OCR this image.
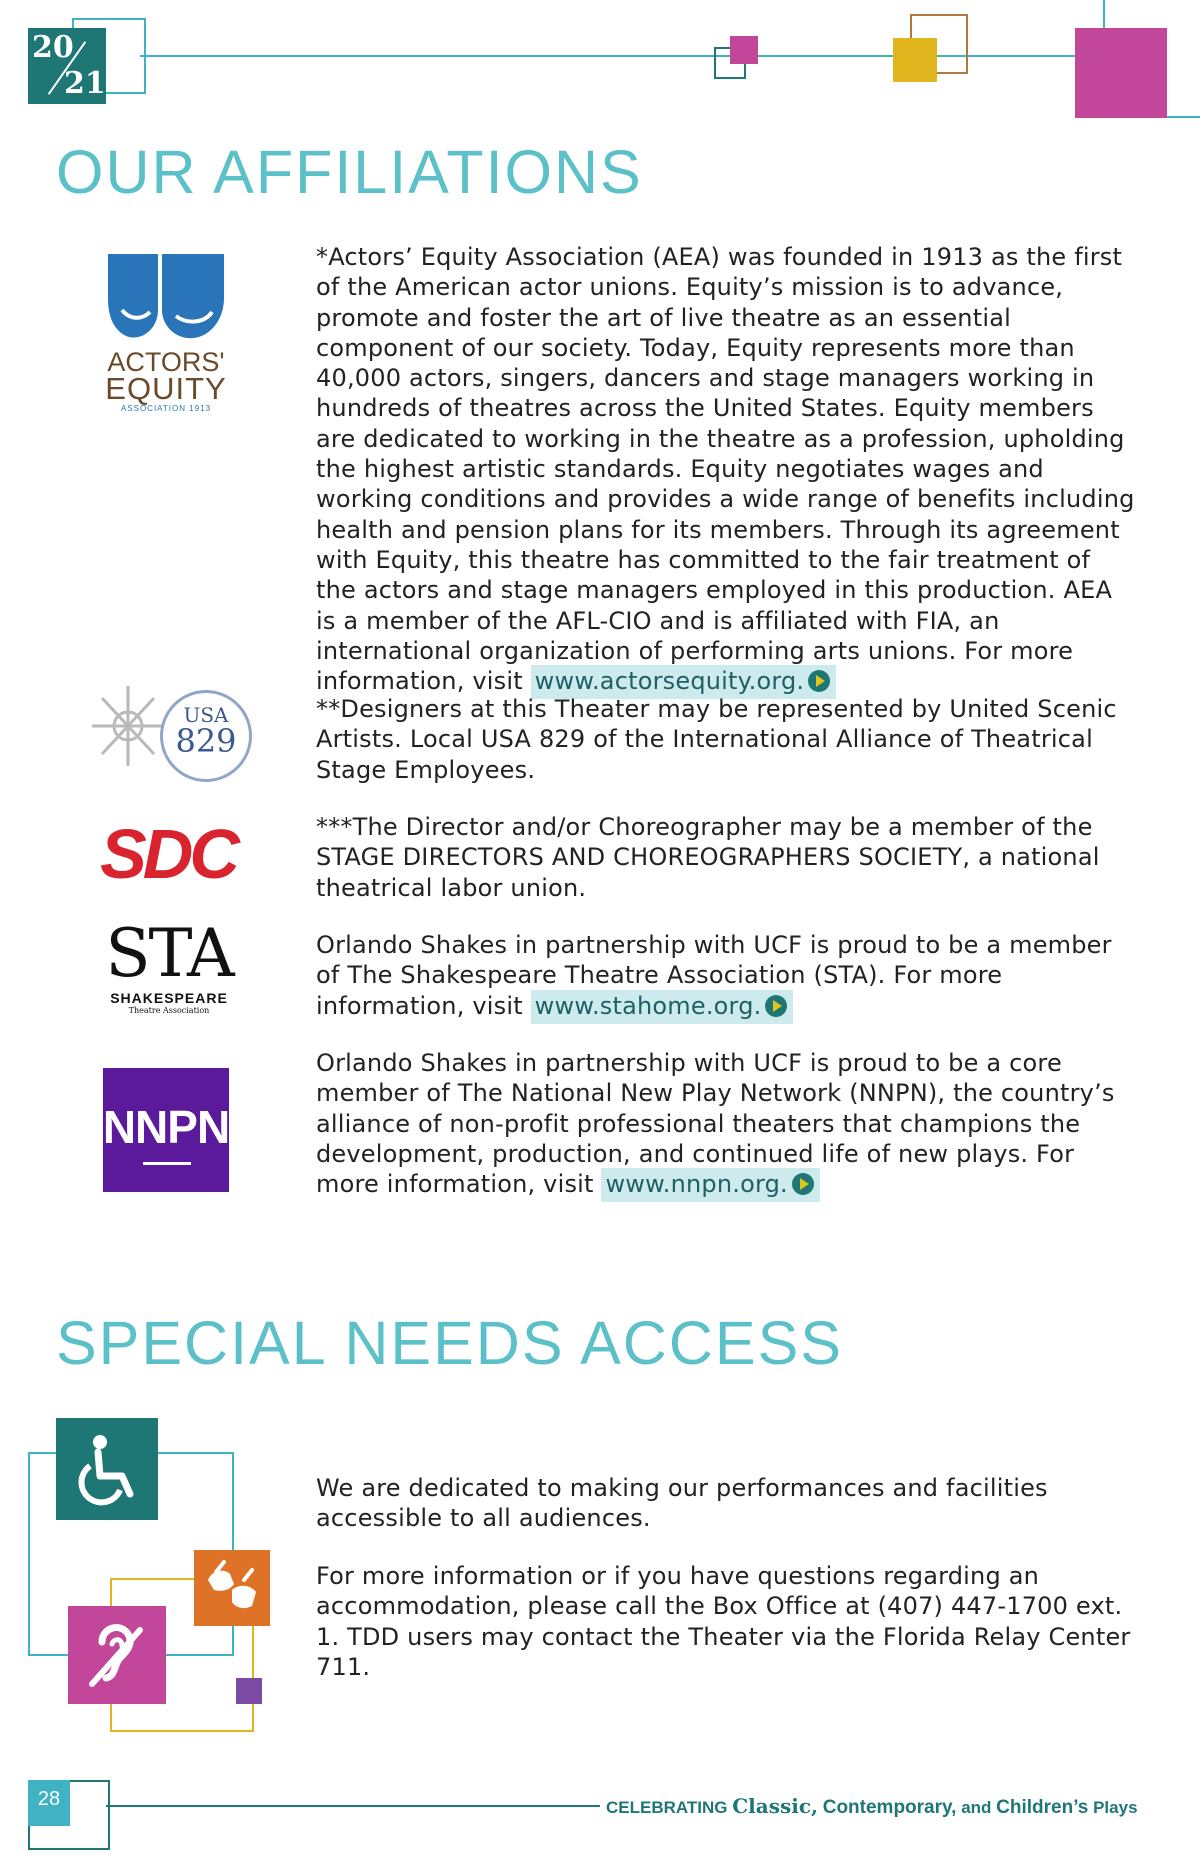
20
21
OUR AFFILIATIONS
ACTORS'
EQUITY
ASSOCIATION 1913
*Actors’ Equity Association (AEA) was founded in 1913 as the first of the American actor unions. Equity’s mission is to advance, promote and foster the art of live theatre as an essential component of our society. Today, Equity represents more than 40,000 actors, singers, dancers and stage managers working in hundreds of theatres across the United States. Equity members are dedicated to working in the theatre as a profession, upholding the highest artistic standards. Equity negotiates wages and working conditions and provides a wide range of benefits including health and pension plans for its members. Through its agreement with Equity, this theatre has committed to the fair treatment of the actors and stage managers employed in this production. AEA is a member of the AFL-CIO and is affiliated with FIA, an international organization of performing arts unions. For more information, visit www.actorsequity.org.
USA
829
**Designers at this Theater may be represented by United Scenic Artists. Local USA 829 of the International Alliance of Theatrical Stage Employees.
SDC	***The Director and/or Choreographer may be a member of the STAGE DIRECTORS AND CHOREOGRAPHERS SOCIETY, a national theatrical labor union.
STA
SHAKESPEARE
Theatre Association
Orlando Shakes in partnership with UCF is proud to be a member of The Shakespeare Theatre Association (STA). For more information, visit www.stahome.org.
NNPN
Orlando Shakes in partnership with UCF is proud to be a core member of The National New Play Network (NNPN), the country’s alliance of non-profit professional theaters that champions the development, production, and continued life of new plays. For more information, visit www.nnpn.org.
SPECIAL NEEDS ACCESS
We are dedicated to making our performances and facilities accessible to all audiences.
For more information or if you have questions regarding an accommodation, please call the Box Office at (407) 447-1700 ext. 1. TDD users may contact the Theater via the Florida Relay Center 711.
28	CELEBRATING Classic, Contemporary, and Children’s Plays
